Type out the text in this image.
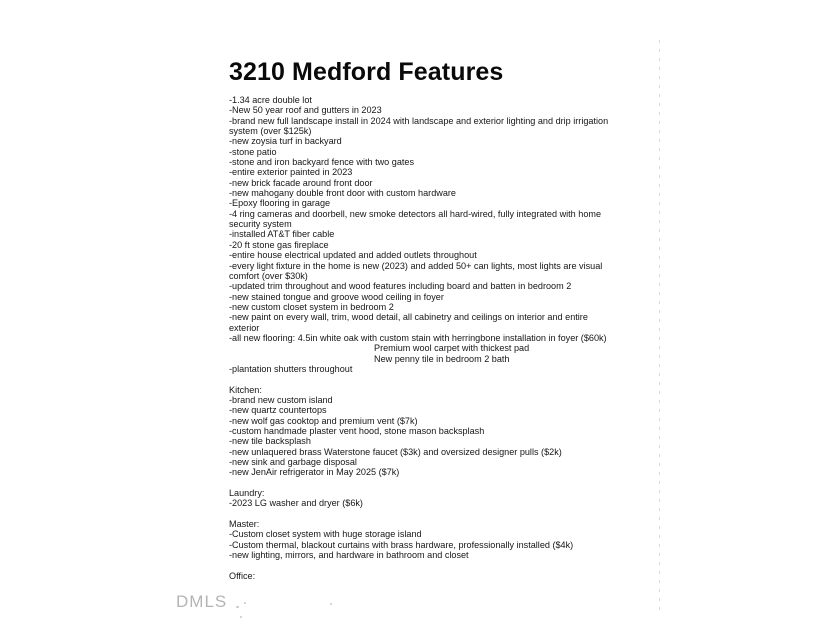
3210 Medford Features
-1.34 acre double lot
-New 50 year roof and gutters in 2023
-brand new full landscape install in 2024 with landscape and exterior lighting and drip irrigation
system (over $125k)
-new zoysia turf in backyard
-stone patio
-stone and iron backyard fence with two gates
-entire exterior painted in 2023
-new brick facade around front door
-new mahogany double front door with custom hardware
-Epoxy flooring in garage
-4 ring cameras and doorbell, new smoke detectors all hard-wired, fully integrated with home
security system
-installed AT&T fiber cable
-20 ft stone gas fireplace
-entire house electrical updated and added outlets throughout
-every light fixture in the home is new (2023) and added 50+ can lights, most lights are visual
comfort (over $30k)
-updated trim throughout and wood features including board and batten in bedroom 2
-new stained tongue and groove wood ceiling in foyer
-new custom closet system in bedroom 2
-new paint on every wall, trim, wood detail, all cabinetry and ceilings on interior and entire
exterior
-all new flooring: 4.5in white oak with custom stain with herringbone installation in foyer ($60k)
Premium wool carpet with thickest pad
New penny tile in bedroom 2 bath
-plantation shutters throughout
Kitchen:
-brand new custom island
-new quartz countertops
-new wolf gas cooktop and premium vent ($7k)
-custom handmade plaster vent hood, stone mason backsplash
-new tile backsplash
-new unlaquered brass Waterstone faucet ($3k) and oversized designer pulls ($2k)
-new sink and garbage disposal
-new JenAir refrigerator in May 2025 ($7k)
Laundry:
-2023 LG washer and dryer ($6k)
Master:
-Custom closet system with huge storage island
-Custom thermal, blackout curtains with brass hardware, professionally installed ($4k)
-new lighting, mirrors, and hardware in bathroom and closet
Office:
DMLS
